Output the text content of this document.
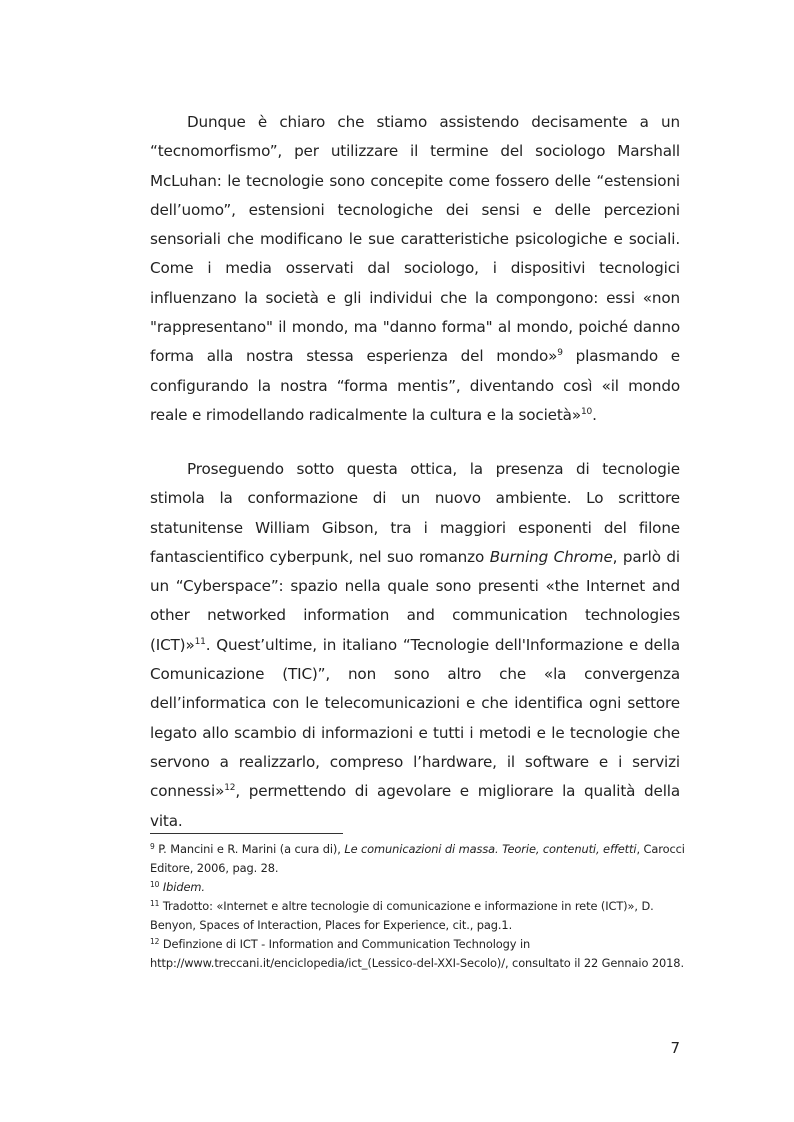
Dunque è chiaro che stiamo assistendo decisamente a un “tecnomorfismo”, per utilizzare il termine del sociologo Marshall McLuhan: le tecnologie sono concepite come fossero delle “estensioni dell’uomo”, estensioni tecnologiche dei sensi e delle percezioni sensoriali che modificano le sue caratteristiche psicologiche e sociali. Come i media osservati dal sociologo, i dispositivi tecnologici influenzano la società e gli individui che la compongono: essi «non "rappresentano" il mondo, ma "danno forma" al mondo, poiché danno forma alla nostra stessa esperienza del mondo»$^9$ plasmando e configurando la nostra “forma mentis”, diventando così «il mondo reale e rimodellando radicalmente la cultura e la società»$^{10}$.

Proseguendo sotto questa ottica, la presenza di tecnologie stimola la conformazione di un nuovo ambiente. Lo scrittore statunitense William Gibson, tra i maggiori esponenti del filone fantascientifico cyberpunk, nel suo romanzo Burning Chrome, parlò di un “Cyberspace”: spazio nella quale sono presenti «the Internet and other networked information and communication technologies (ICT)»$^{11}$. Quest’ultime, in italiano “Tecnologie dell'Informazione e della Comunicazione (TIC)”, non sono altro che «la convergenza dell’informatica con le telecomunicazioni e che identifica ogni settore legato allo scambio di informazioni e tutti i metodi e le tecnologie che servono a realizzarlo, compreso l’hardware, il software e i servizi connessi»$^{12}$, permettendo di agevolare e migliorare la qualità della vita.

$^9$ P. Mancini e R. Marini (a cura di), Le comunicazioni di massa. Teorie, contenuti, effetti, Carocci Editore, 2006, pag. 28.
$^{10}$ Ibidem.
$^{11}$ Tradotto: «Internet e altre tecnologie di comunicazione e informazione in rete (ICT)», D. Benyon, Spaces of Interaction, Places for Experience, cit., pag.1.
$^{12}$ Definzione di ICT - Information and Communication Technology in http://www.treccani.it/enciclopedia/ict_(Lessico-del-XXI-Secolo)/, consultato il 22 Gennaio 2018.
7
